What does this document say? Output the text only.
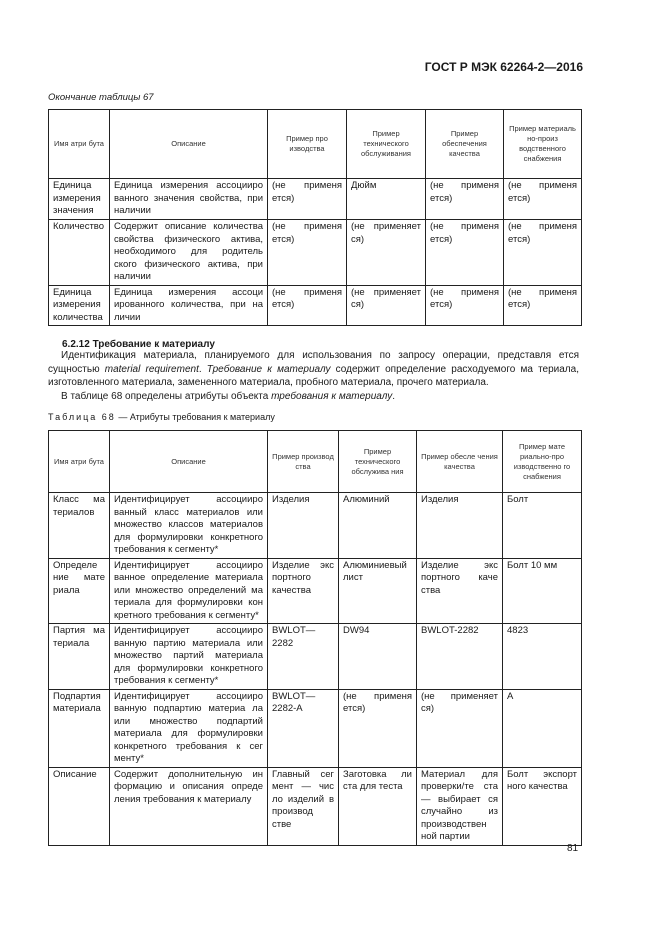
ГОСТ Р МЭК 62264-2—2016
Окончание таблицы 67
Имя атри бута	Описание	Пример про изводства	Пример технического обслуживания	Пример обеспечения качества	Пример материаль но-произ водственного снабжения
Единица измерения значения	Единица измерения ассоцииро ванного значения свойства, при наличии	(не применя ется)	Дюйм	(не применя ется)	(не применя ется)
Количество	Содержит описание количества свойства физического актива, необходимого для родитель ского физического актива, при наличии	(не применя ется)	(не применяет ся)	(не применя ется)	(не применя ется)
Единица измерения количества	Единица измерения ассоци ированного количества, при на личии	(не применя ется)	(не применяет ся)	(не применя ется)	(не применя ется)
6.2.12 Требование к материалу
Идентификация материала, планируемого для использования по запросу операции, представля ется сущностью material requirement. Требование к материалу содержит определение расходуемого ма териала, изготовленного материала, замененного материала, пробного материала, прочего материала.
В таблице 68 определены атрибуты объекта требования к материалу.
Таблица 68 — Атрибуты требования к материалу
Имя атри бута	Описание	Пример производ ства	Пример технического обслужива ния	Пример обесле чения качества	Пример мате риально-про изводственно го снабжения
Класс ма териалов	Идентифицирует ассоцииро ванный класс материалов или множество классов материалов для формулировки конкретного требования к сегменту*	Изделия	Алюминий	Изделия	Болт
Определе ние мате риала	Идентифицирует ассоцииро ванное определение материала или множество определений ма териала для формулировки кон кретного требования к сегменту*	Изделие экс портного качества	Алюминиевый лист	Изделие экс портного каче ства	Болт 10 мм
Партия ма териала	Идентифицирует ассоцииро ванную партию материала или множество партий материала для формулировки конкретного требования к сегменту*	BWLOT—2282	DW94	BWLOT-2282	4823
Подпартия материала	Идентифицирует ассоцииро ванную подпартию материа ла или множество подпартий материала для формулировки конкретного требования к сег менту*	BWLOT— 2282-A	(не применя ется)	(не применяет ся)	А
Описание	Содержит дополнительную ин формацию и описания опреде ления требования к материалу	Главный сег мент — чис ло изделий в производ стве	Заготовка ли ста для теста	Материал для проверки/те ста — выбирает ся случайно из производствен ной партии	Болт экспорт ного качества
81
